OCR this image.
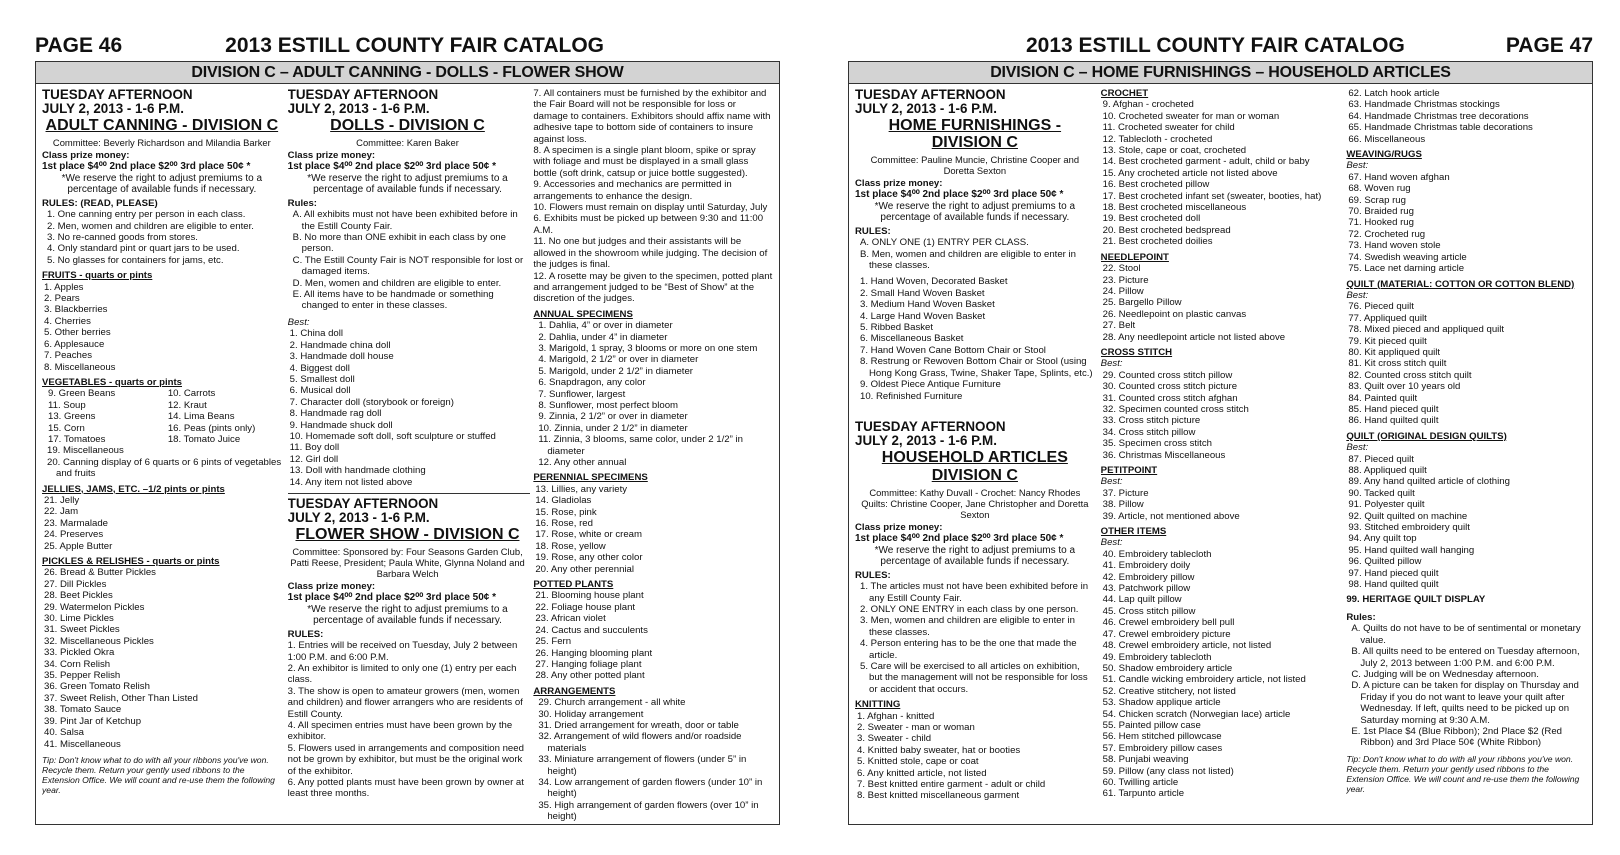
PAGE 46	2013 ESTILL COUNTY FAIR CATALOG
DIVISION C – ADULT CANNING - DOLLS - FLOWER SHOW
TUESDAY AFTERNOON
JULY 2, 2013 - 1-6 P.M.
ADULT CANNING - DIVISION C
Committee: Beverly Richardson and Milandia Barker
Class prize money:
1st place $4⁰⁰ 2nd place $2⁰⁰ 3rd place 50¢ *
*We reserve the right to adjust premiums to a percentage of available funds if necessary.
RULES: (READ, PLEASE)
1. One canning entry per person in each class.
2. Men, women and children are eligible to enter.
3. No re-canned goods from stores.
4. Only standard pint or quart jars to be used.
5. No glasses for containers for jams, etc.
FRUITS - quarts or pints
1. Apples
2. Pears
3. Blackberries
4. Cherries
5. Other berries
6. Applesauce
7. Peaches
8. Miscellaneous
VEGETABLES - quarts or pints
9. Green Beans	10. Carrots
11. Soup	12. Kraut
13. Greens	14. Lima Beans
15. Corn	16. Peas (pints only)
17. Tomatoes	18. Tomato Juice
19. Miscellaneous
20. Canning display of 6 quarts or 6 pints of vegetables and fruits
JELLIES, JAMS, ETC. –1/2 pints or pints
21. Jelly
22. Jam
23. Marmalade
24. Preserves
25. Apple Butter
PICKLES & RELISHES - quarts or pints
26. Bread & Butter Pickles
27. Dill Pickles
28. Beet Pickles
29. Watermelon Pickles
30. Lime Pickles
31. Sweet Pickles
32. Miscellaneous Pickles
33. Pickled Okra
34. Corn Relish
35. Pepper Relish
36. Green Tomato Relish
37. Sweet Relish, Other Than Listed
38. Tomato Sauce
39. Pint Jar of Ketchup
40. Salsa
41. Miscellaneous
Tip: Don't know what to do with all your ribbons you've won. Recycle them. Return your gently used ribbons to the Extension Office. We will count and re-use them the following year.
TUESDAY AFTERNOON
JULY 2, 2013 - 1-6 P.M.
DOLLS - DIVISION C
Committee: Karen Baker
Class prize money:
1st place $4⁰⁰ 2nd place $2⁰⁰ 3rd place 50¢ *
*We reserve the right to adjust premiums to a percentage of available funds if necessary.
Rules:
A. All exhibits must not have been exhibited before in the Estill County Fair.
B. No more than ONE exhibit in each class by one person.
C. The Estill County Fair is NOT responsible for lost or damaged items.
D. Men, women and children are eligible to enter.
E. All items have to be handmade or something changed to enter in these classes.
Best:
1. China doll
2. Handmade china doll
3. Handmade doll house
4. Biggest doll
5. Smallest doll
6. Musical doll
7. Character doll (storybook or foreign)
8. Handmade rag doll
9. Handmade shuck doll
10. Homemade soft doll, soft sculpture or stuffed
11. Boy doll
12. Girl doll
13. Doll with handmade clothing
14. Any item not listed above
TUESDAY AFTERNOON
JULY 2, 2013 - 1-6 P.M.
FLOWER SHOW - DIVISION C
Committee: Sponsored by: Four Seasons Garden Club, Patti Reese, President; Paula White, Glynna Noland and Barbara Welch
Class prize money:
1st place $4⁰⁰ 2nd place $2⁰⁰ 3rd place 50¢ *
*We reserve the right to adjust premiums to a percentage of available funds if necessary.
RULES:
1. Entries will be received on Tuesday, July 2 between 1:00 P.M. and 6:00 P.M.
2. An exhibitor is limited to only one (1) entry per each class.
3. The show is open to amateur growers (men, women and children) and flower arrangers who are residents of Estill County.
4. All specimen entries must have been grown by the exhibitor.
5. Flowers used in arrangements and composition need not be grown by exhibitor, but must be the original work of the exhibitor.
6. Any potted plants must have been grown by owner at least three months.
7. All containers must be furnished by the exhibitor and the Fair Board will not be responsible for loss or damage to containers. Exhibitors should affix name with adhesive tape to bottom side of containers to insure against loss.
8. A specimen is a single plant bloom, spike or spray with foliage and must be displayed in a small glass bottle (soft drink, catsup or juice bottle suggested).
9. Accessories and mechanics are permitted in arrangements to enhance the design.
10. Flowers must remain on display until Saturday, July 6. Exhibits must be picked up between 9:30 and 11:00 A.M.
11. No one but judges and their assistants will be allowed in the showroom while judging. The decision of the judges is final.
12. A rosette may be given to the specimen, potted plant and arrangement judged to be “Best of Show” at the discretion of the judges.
ANNUAL SPECIMENS
1. Dahlia, 4” or over in diameter
2. Dahlia, under 4” in diameter
3. Marigold, 1 spray, 3 blooms or more on one stem
4. Marigold, 2 1/2” or over in diameter
5. Marigold, under 2 1/2” in diameter
6. Snapdragon, any color
7. Sunflower, largest
8. Sunflower, most perfect bloom
9. Zinnia, 2 1/2” or over in diameter
10. Zinnia, under 2 1/2” in diameter
11. Zinnia, 3 blooms, same color, under 2 1/2” in diameter
12. Any other annual
PERENNIAL SPECIMENS
13. Lillies, any variety
14. Gladiolas
15. Rose, pink
16. Rose, red
17. Rose, white or cream
18. Rose, yellow
19. Rose, any other color
20. Any other perennial
POTTED PLANTS
21. Blooming house plant
22. Foliage house plant
23. African violet
24. Cactus and succulents
25. Fern
26. Hanging blooming plant
27. Hanging foliage plant
28. Any other potted plant
ARRANGEMENTS
29. Church arrangement - all white
30. Holiday arrangement
31. Dried arrangement for wreath, door or table
32. Arrangement of wild flowers and/or roadside materials
33. Miniature arrangement of flowers (under 5” in height)
34. Low arrangement of garden flowers (under 10” in height)
35. High arrangement of garden flowers (over 10” in height)
2013 ESTILL COUNTY FAIR CATALOG	PAGE 47
DIVISION C – HOME FURNISHINGS – HOUSEHOLD ARTICLES
TUESDAY AFTERNOON
JULY 2, 2013 - 1-6 P.M.
HOME FURNISHINGS - DIVISION C
Committee: Pauline Muncie, Christine Cooper and Doretta Sexton
Class prize money:
1st place $4⁰⁰ 2nd place $2⁰⁰ 3rd place 50¢ *
*We reserve the right to adjust premiums to a percentage of available funds if necessary.
RULES:
A. ONLY ONE (1) ENTRY PER CLASS.
B. Men, women and children are eligible to enter in these classes.
1. Hand Woven, Decorated Basket
2. Small Hand Woven Basket
3. Medium Hand Woven Basket
4. Large Hand Woven Basket
5. Ribbed Basket
6. Miscellaneous Basket
7. Hand Woven Cane Bottom Chair or Stool
8. Restrung or Rewoven Bottom Chair or Stool (using Hong Kong Grass, Twine, Shaker Tape, Splints, etc.)
9. Oldest Piece Antique Furniture
10. Refinished Furniture
TUESDAY AFTERNOON
JULY 2, 2013 - 1-6 P.M.
HOUSEHOLD ARTICLES
DIVISION C
Committee: Kathy Duvall - Crochet: Nancy Rhodes Quilts: Christine Cooper, Jane Christopher and Doretta Sexton
Class prize money:
1st place $4⁰⁰ 2nd place $2⁰⁰ 3rd place 50¢ *
*We reserve the right to adjust premiums to a percentage of available funds if necessary.
RULES:
1. The articles must not have been exhibited before in any Estill County Fair.
2. ONLY ONE ENTRY in each class by one person.
3. Men, women and children are eligible to enter in these classes.
4. Person entering has to be the one that made the article.
5. Care will be exercised to all articles on exhibition, but the management will not be responsible for loss or accident that occurs.
KNITTING
1. Afghan - knitted
2. Sweater - man or woman
3. Sweater - child
4. Knitted baby sweater, hat or booties
5. Knitted stole, cape or coat
6. Any knitted article, not listed
7. Best knitted entire garment - adult or child
8. Best knitted miscellaneous garment
CROCHET
9. Afghan - crocheted
10. Crocheted sweater for man or woman
11. Crocheted sweater for child
12. Tablecloth - crocheted
13. Stole, cape or coat, crocheted
14. Best crocheted garment - adult, child or baby
15. Any crocheted article not listed above
16. Best crocheted pillow
17. Best crocheted infant set (sweater, booties, hat)
18. Best crocheted miscellaneous
19. Best crocheted doll
20. Best crocheted bedspread
21. Best crocheted doilies
NEEDLEPOINT
22. Stool
23. Picture
24. Pillow
25. Bargello Pillow
26. Needlepoint on plastic canvas
27. Belt
28. Any needlepoint article not listed above
CROSS STITCH
Best:
29. Counted cross stitch pillow
30. Counted cross stitch picture
31. Counted cross stitch afghan
32. Specimen counted cross stitch
33. Cross stitch picture
34. Cross stitch pillow
35. Specimen cross stitch
36. Christmas Miscellaneous
PETITPOINT
Best:
37. Picture
38. Pillow
39. Article, not mentioned above
OTHER ITEMS
Best:
40. Embroidery tablecloth
41. Embroidery doily
42. Embroidery pillow
43. Patchwork pillow
44. Lap quilt pillow
45. Cross stitch pillow
46. Crewel embroidery bell pull
47. Crewel embroidery picture
48. Crewel embroidery article, not listed
49. Embroidery tablecloth
50. Shadow embroidery article
51. Candle wicking embroidery article, not listed
52. Creative stitchery, not listed
53. Shadow applique article
54. Chicken scratch (Norwegian lace) article
55. Painted pillow case
56. Hem stitched pillowcase
57. Embroidery pillow cases
58. Punjabi weaving
59. Pillow (any class not listed)
60. Twilling article
61. Tarpunto article
62. Latch hook article
63. Handmade Christmas stockings
64. Handmade Christmas tree decorations
65. Handmade Christmas table decorations
66. Miscellaneous
WEAVING/RUGS
Best:
67. Hand woven afghan
68. Woven rug
69. Scrap rug
70. Braided rug
71. Hooked rug
72. Crocheted rug
73. Hand woven stole
74. Swedish weaving article
75. Lace net darning article
QUILT (MATERIAL: COTTON OR COTTON BLEND)
Best:
76. Pieced quilt
77. Appliqued quilt
78. Mixed pieced and appliqued quilt
79. Kit pieced quilt
80. Kit appliqued quilt
81. Kit cross stitch quilt
82. Counted cross stitch quilt
83. Quilt over 10 years old
84. Painted quilt
85. Hand pieced quilt
86. Hand quilted quilt
QUILT (ORIGINAL DESIGN QUILTS)
Best:
87. Pieced quilt
88. Appliqued quilt
89. Any hand quilted article of clothing
90. Tacked quilt
91. Polyester quilt
92. Quilt quilted on machine
93. Stitched embroidery quilt
94. Any quilt top
95. Hand quilted wall hanging
96. Quilted pillow
97. Hand pieced quilt
98. Hand quilted quilt
99. HERITAGE QUILT DISPLAY
Rules:
A. Quilts do not have to be of sentimental or monetary value.
B. All quilts need to be entered on Tuesday afternoon, July 2, 2013 between 1:00 P.M. and 6:00 P.M.
C. Judging will be on Wednesday afternoon.
D. A picture can be taken for display on Thursday and Friday if you do not want to leave your quilt after Wednesday. If left, quilts need to be picked up on Saturday morning at 9:30 A.M.
E. 1st Place $4 (Blue Ribbon); 2nd Place $2 (Red Ribbon) and 3rd Place 50¢ (White Ribbon)
Tip: Don't know what to do with all your ribbons you've won. Recycle them. Return your gently used ribbons to the Extension Office. We will count and re-use them the following year.
